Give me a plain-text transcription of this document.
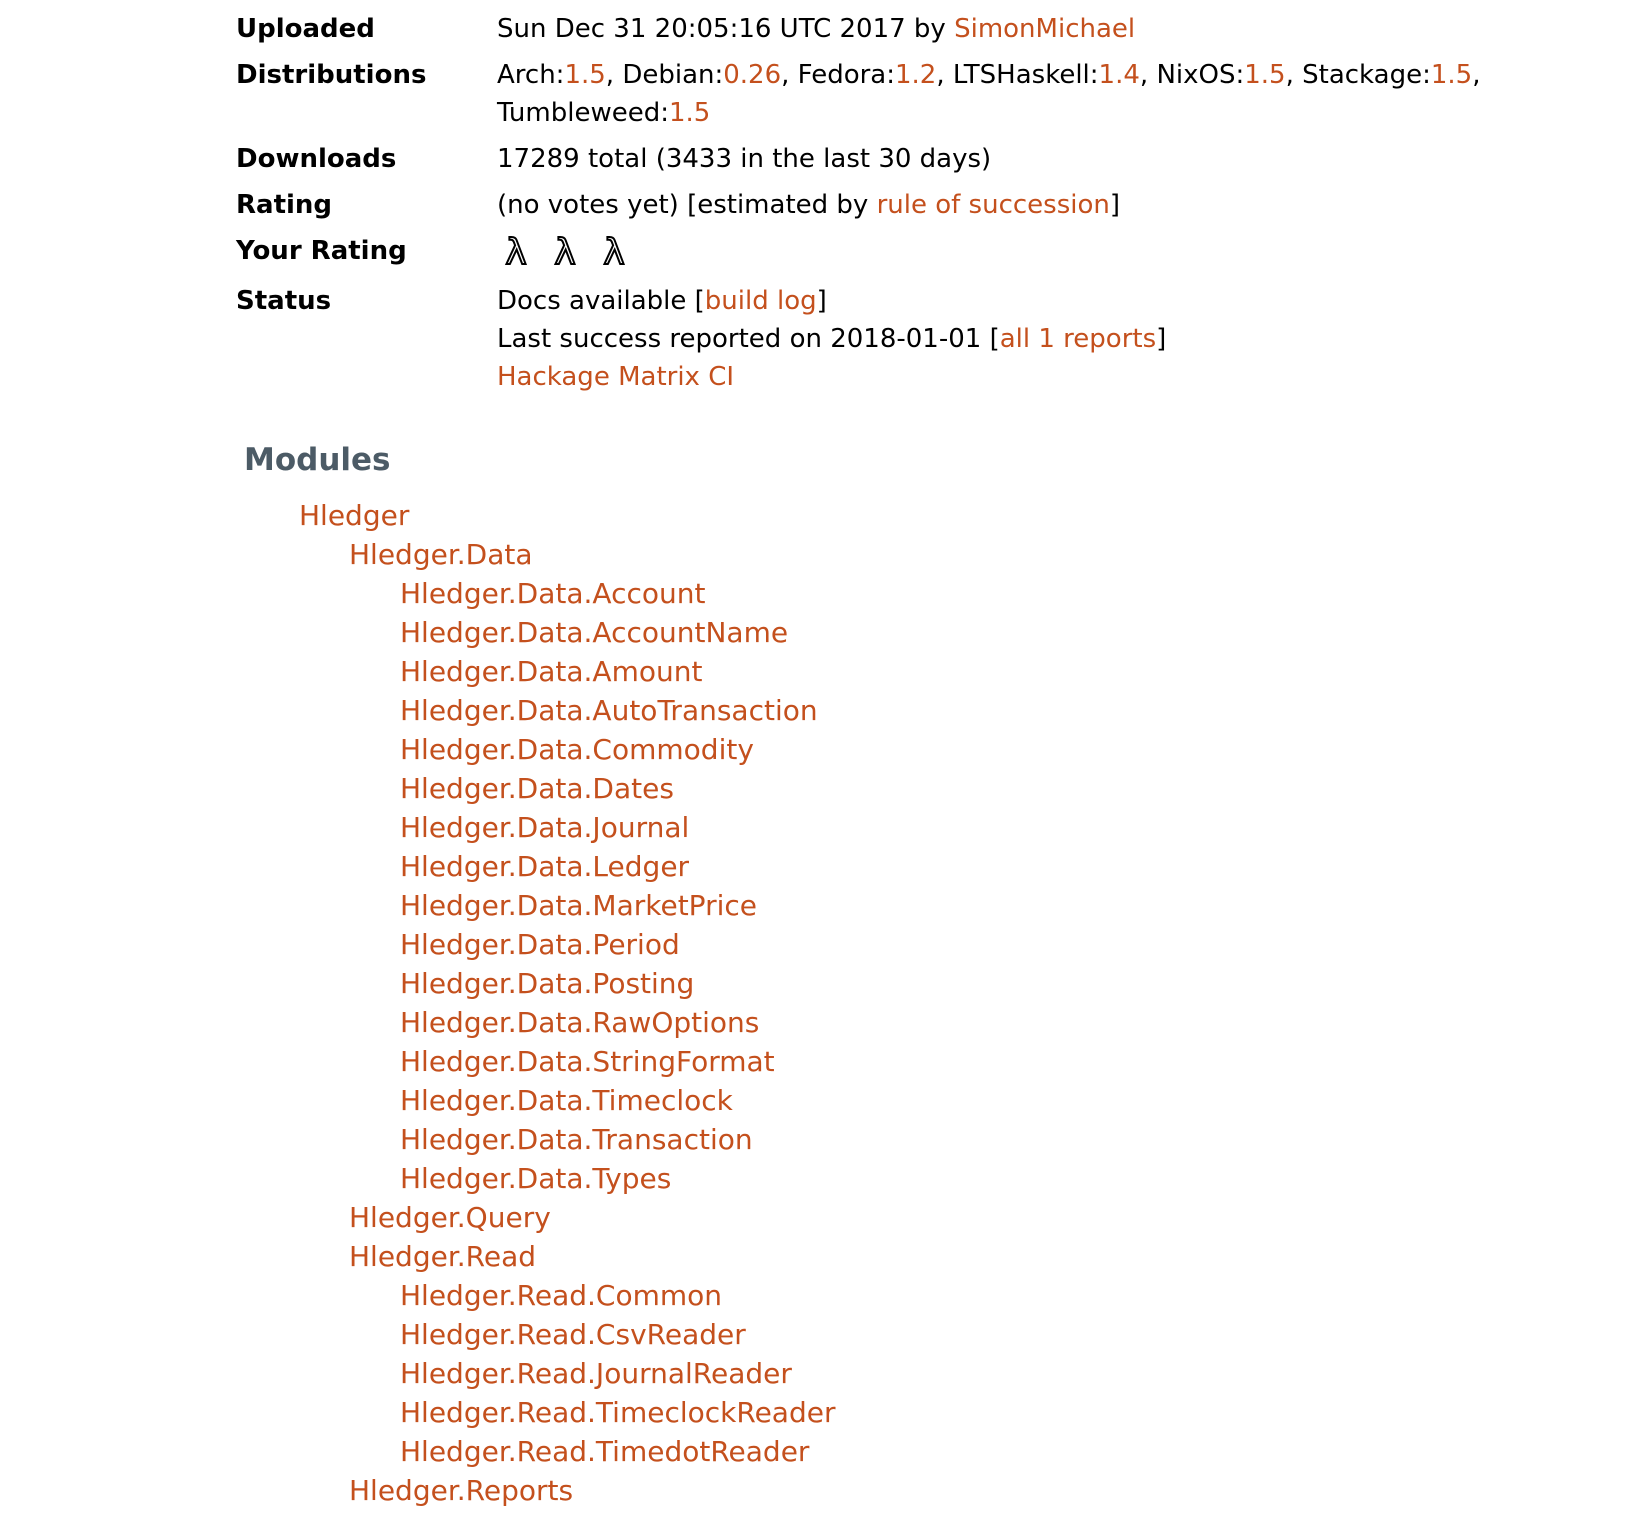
Uploaded	Sun Dec 31 20:05:16 UTC 2017 by SimonMichael
Distributions	Arch:1.5, Debian:0.26, Fedora:1.2, LTSHaskell:1.4, NixOS:1.5, Stackage:1.5,
Tumbleweed:1.5
Downloads	17289 total (3433 in the last 30 days)
Rating	(no votes yet) [estimated by rule of succession]
Your Rating	λ λ λ

Status	Docs available [build log]
Last success reported on 2018-01-01 [all 1 reports]
Hackage Matrix CI
Modules
Hledger
Hledger.Data
Hledger.Data.Account
Hledger.Data.AccountName
Hledger.Data.Amount
Hledger.Data.AutoTransaction
Hledger.Data.Commodity
Hledger.Data.Dates
Hledger.Data.Journal
Hledger.Data.Ledger
Hledger.Data.MarketPrice
Hledger.Data.Period
Hledger.Data.Posting
Hledger.Data.RawOptions
Hledger.Data.StringFormat
Hledger.Data.Timeclock
Hledger.Data.Transaction
Hledger.Data.Types
Hledger.Query
Hledger.Read
Hledger.Read.Common
Hledger.Read.CsvReader
Hledger.Read.JournalReader
Hledger.Read.TimeclockReader
Hledger.Read.TimedotReader
Hledger.Reports
